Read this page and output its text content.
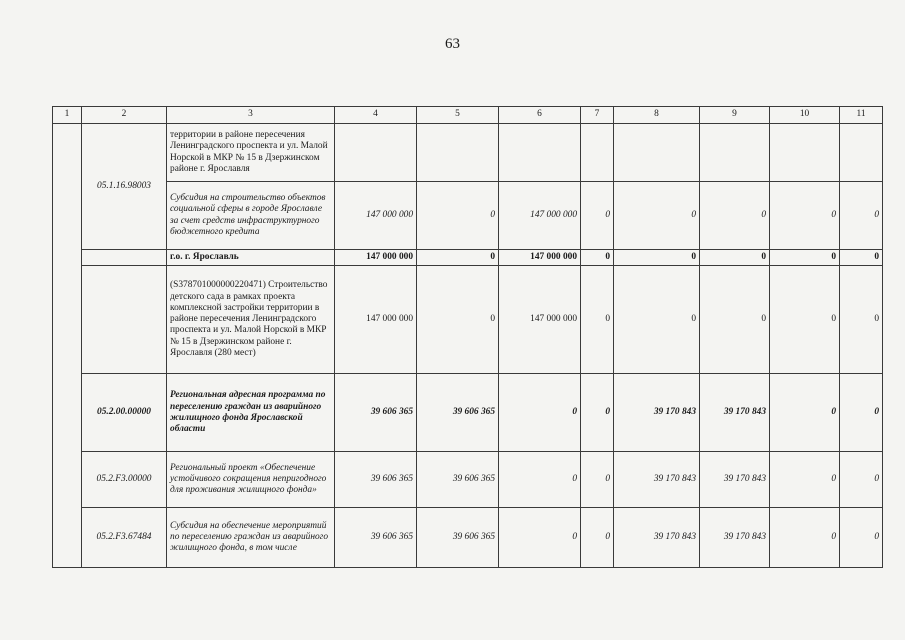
63
1	2	3	4	5	6	7	8	9	10	11
	05.1.16.98003	территории в районе пересечения Ленинградского проспекта и ул. Малой Норской в МКР № 15 в Дзержинском районе г. Ярославля								
		Субсидия на строительство объектов социальной сферы в городе Ярославле за счет средств инфраструктурного бюджетного кредита	147 000 000	0	147 000 000	0	0	0	0	0
		г.о. г. Ярославль	147 000 000	0	147 000 000	0	0	0	0	0
		(S378701000000220471) Строительство детского сада в рамках проекта комплексной застройки территории в районе пересечения Ленинградского проспекта и ул. Малой Норской в МКР № 15 в Дзержинском районе г. Ярославля (280 мест)	147 000 000	0	147 000 000	0	0	0	0	0
	05.2.00.00000	Региональная адресная программа по переселению граждан из аварийного жилищного фонда Ярославской области	39 606 365	39 606 365	0	0	39 170 843	39 170 843	0	0
	05.2.F3.00000	Региональный проект «Обеспечение устойчивого сокращения непригодного для проживания жилищного фонда»	39 606 365	39 606 365	0	0	39 170 843	39 170 843	0	0
	05.2.F3.67484	Субсидия на обеспечение мероприятий по переселению граждан из аварийного жилищного фонда, в том числе	39 606 365	39 606 365	0	0	39 170 843	39 170 843	0	0
